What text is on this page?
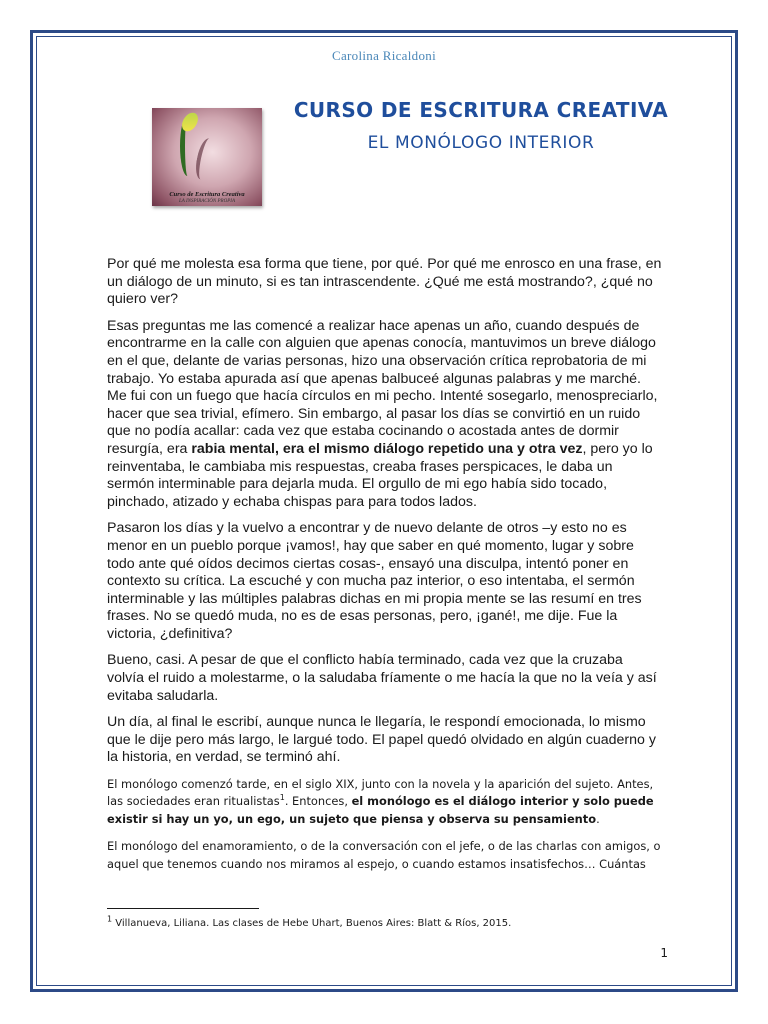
Carolina Ricaldoni
Curso de Escritura Creativa
LA INSPIRACIÓN PROPIA
CURSO DE ESCRITURA CREATIVA
EL MONÓLOGO INTERIOR

Por qué me molesta esa forma que tiene, por qué. Por qué me enrosco en una frase, en un diálogo de un minuto, si es tan intrascendente. ¿Qué me está mostrando?, ¿qué no quiero ver?

Esas preguntas me las comencé a realizar hace apenas un año, cuando después de encontrarme en la calle con alguien que apenas conocía, mantuvimos un breve diálogo en el que, delante de varias personas, hizo una observación crítica reprobatoria de mi trabajo. Yo estaba apurada así que apenas balbuceé algunas palabras y me marché. Me fui con un fuego que hacía círculos en mi pecho. Intenté sosegarlo, menospreciarlo, hacer que sea trivial, efímero. Sin embargo, al pasar los días se convirtió en un ruido que no podía acallar: cada vez que estaba cocinando o acostada antes de dormir resurgía, era rabia mental, era el mismo diálogo repetido una y otra vez, pero yo lo reinventaba, le cambiaba mis respuestas, creaba frases perspicaces, le daba un sermón interminable para dejarla muda. El orgullo de mi ego había sido tocado, pinchado, atizado y echaba chispas para para todos lados.

Pasaron los días y la vuelvo a encontrar y de nuevo delante de otros –y esto no es menor en un pueblo porque ¡vamos!, hay que saber en qué momento, lugar y sobre todo ante qué oídos decimos ciertas cosas-, ensayó una disculpa, intentó poner en contexto su crítica. La escuché y con mucha paz interior, o eso intentaba, el sermón interminable y las múltiples palabras dichas en mi propia mente se las resumí en tres frases. No se quedó muda, no es de esas personas, pero, ¡gané!, me dije. Fue la victoria, ¿definitiva?

Bueno, casi. A pesar de que el conflicto había terminado, cada vez que la cruzaba volvía el ruido a molestarme, o la saludaba fríamente o me hacía la que no la veía y así evitaba saludarla.

Un día, al final le escribí, aunque nunca le llegaría, le respondí emocionada, lo mismo que le dije pero más largo, le largué todo. El papel quedó olvidado en algún cuaderno y la historia, en verdad, se terminó ahí.

El monólogo comenzó tarde, en el siglo XIX, junto con la novela y la aparición del sujeto. Antes, las sociedades eran ritualistas$^1$. Entonces, el monólogo es el diálogo interior y solo puede existir si hay un yo, un ego, un sujeto que piensa y observa su pensamiento.

El monólogo del enamoramiento, o de la conversación con el jefe, o de las charlas con amigos, o aquel que tenemos cuando nos miramos al espejo, o cuando estamos insatisfechos… Cuántas

$^1$ Villanueva, Liliana. Las clases de Hebe Uhart, Buenos Aires: Blatt & Ríos, 2015.
1
